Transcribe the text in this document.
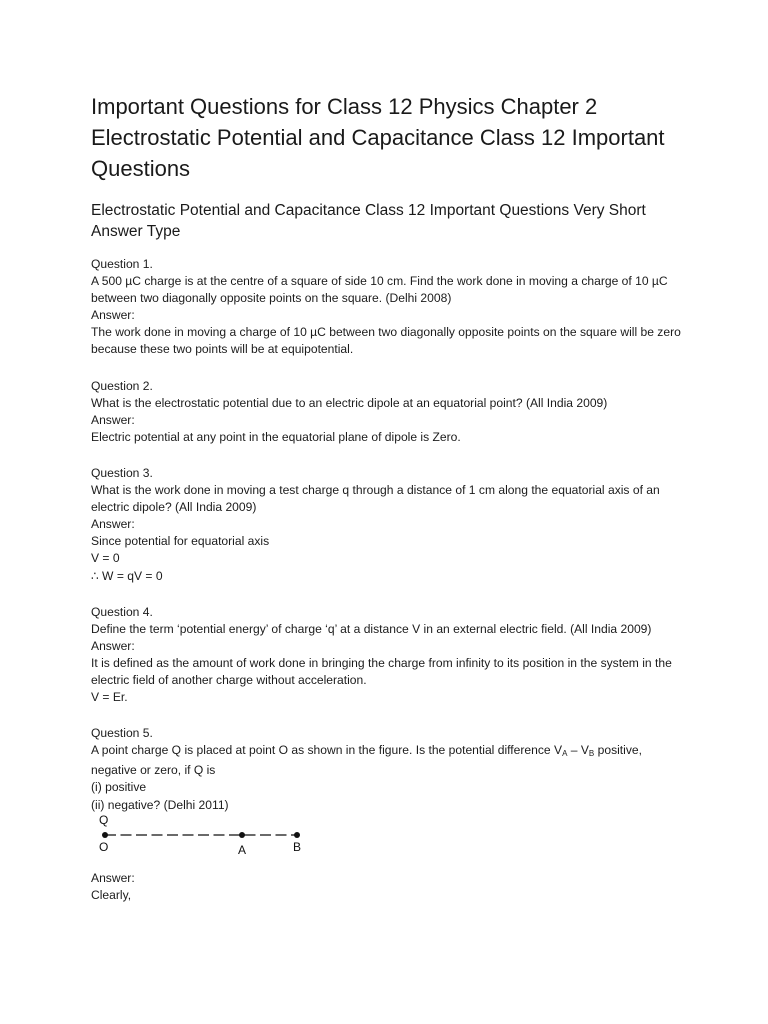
Important Questions for Class 12 Physics Chapter 2 Electrostatic Potential and Capacitance Class 12 Important Questions
Electrostatic Potential and Capacitance Class 12 Important Questions Very Short Answer Type

Question 1.

A 500 µC charge is at the centre of a square of side 10 cm. Find the work done in moving a charge of 10 µC between two diagonally opposite points on the square. (Delhi 2008)

Answer:

The work done in moving a charge of 10 µC between two diagonally opposite points on the square will be zero because these two points will be at equipotential.

Question 2.

What is the electrostatic potential due to an electric dipole at an equatorial point? (All India 2009)

Answer:

Electric potential at any point in the equatorial plane of dipole is Zero.

Question 3.

What is the work done in moving a test charge q through a distance of 1 cm along the equatorial axis of an electric dipole? (All India 2009)

Answer:

Since potential for equatorial axis

V = 0

∴ W = qV = 0

Question 4.

Define the term ‘potential energy’ of charge ‘q’ at a distance V in an external electric field. (All India 2009)

Answer:

It is defined as the amount of work done in bringing the charge from infinity to its position in the system in the electric field of another charge without acceleration.

V = Er.

Question 5.

A point charge Q is placed at point O as shown in the figure. Is the potential difference $V_A - V_B$ positive, negative or zero, if Q is

(i) positive

(ii) negative? (Delhi 2011)

Q
O	A	B

Answer:

Clearly,
